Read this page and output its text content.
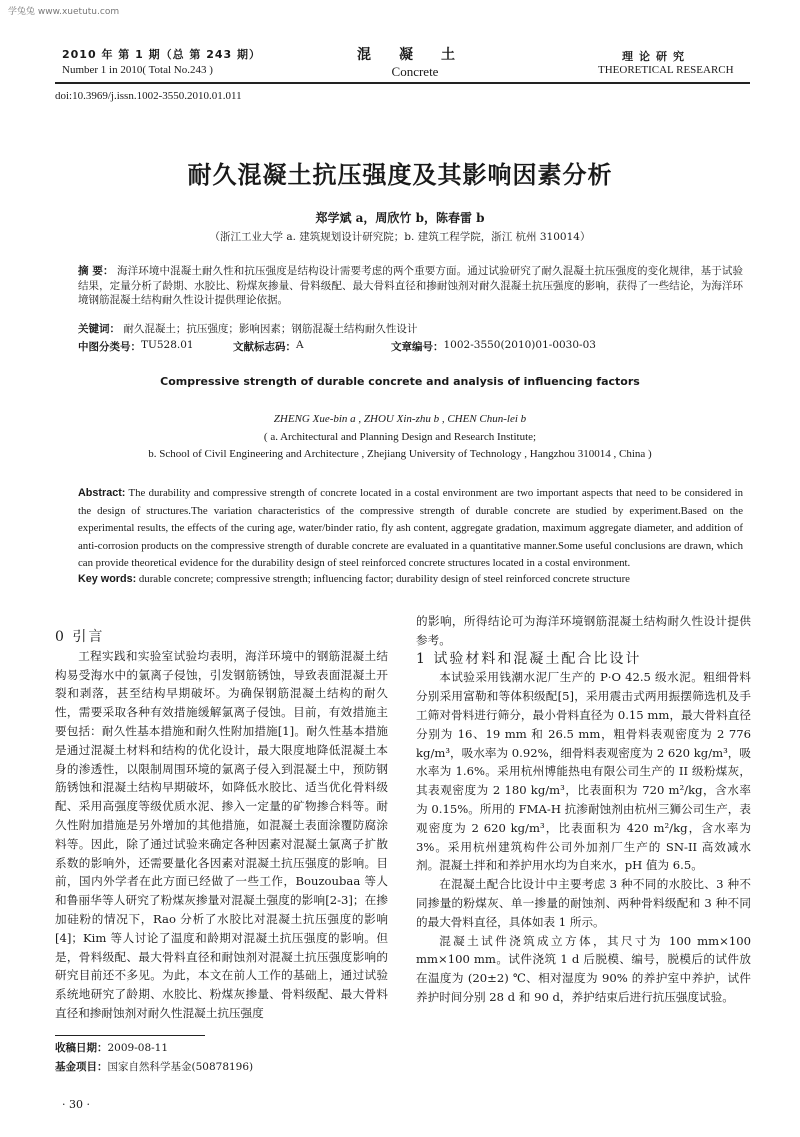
学兔兔 www.xuetutu.com
2010 年 第 1 期（总 第 243 期）
Number 1 in 2010( Total No.243 )
混凝土
Concrete
理论研究
THEORETICAL RESEARCH
doi:10.3969/j.issn.1002-3550.2010.01.011
耐久混凝土抗压强度及其影响因素分析
郑学斌 a，周欣竹 b，陈春雷 b
（浙江工业大学 a. 建筑规划设计研究院；b. 建筑工程学院，浙江 杭州 310014）
摘 要： 海洋环境中混凝土耐久性和抗压强度是结构设计需要考虑的两个重要方面。通过试验研究了耐久混凝土抗压强度的变化规律，基于试验结果，定量分析了龄期、水胶比、粉煤灰掺量、骨料级配、最大骨料直径和掺耐蚀剂对耐久混凝土抗压强度的影响，获得了一些结论，为海洋环境钢筋混凝土结构耐久性设计提供理论依据。
关键词： 耐久混凝土；抗压强度；影响因素；钢筋混凝土结构耐久性设计
中图分类号： TU528.01	文献标志码： A	文章编号： 1002-3550(2010)01-0030-03
Compressive strength of durable concrete and analysis of influencing factors
ZHENG Xue-bin a , ZHOU Xin-zhu b , CHEN Chun-lei b
( a. Architectural and Planning Design and Research Institute;
b. School of Civil Engineering and Architecture , Zhejiang University of Technology , Hangzhou 310014 , China )
Abstract: The durability and compressive strength of concrete located in a costal environment are two important aspects that need to be considered in the design of structures.The variation characteristics of the compressive strength of durable concrete are studied by experiment.Based on the experimental results, the effects of the curing age, water/binder ratio, fly ash content, aggregate gradation, maximum aggregate diameter, and addition of anti-corrosion products on the compressive strength of durable concrete are evaluated in a quantitative manner.Some useful conclusions are drawn, which can provide theoretical evidence for the durability design of steel reinforced concrete structures located in a costal environment.
Key words: durable concrete; compressive strength; influencing factor; durability design of steel reinforced concrete structure

0 引言

工程实践和实验室试验均表明，海洋环境中的钢筋混凝土结构易受海水中的氯离子侵蚀，引发钢筋锈蚀，导致表面混凝土开裂和剥落，甚至结构早期破坏。为确保钢筋混凝土结构的耐久性，需要采取各种有效措施缓解氯离子侵蚀。目前，有效措施主要包括：耐久性基本措施和耐久性附加措施[1]。耐久性基本措施是通过混凝土材料和结构的优化设计，最大限度地降低混凝土本身的渗透性，以限制周围环境的氯离子侵入到混凝土中，预防钢筋锈蚀和混凝土结构早期破坏，如降低水胶比、适当优化骨料级配、采用高强度等级优质水泥、掺入一定量的矿物掺合料等。耐久性附加措施是另外增加的其他措施，如混凝土表面涂覆防腐涂料等。因此，除了通过试验来确定各种因素对混凝土氯离子扩散系数的影响外，还需要量化各因素对混凝土抗压强度的影响。目前，国内外学者在此方面已经做了一些工作，Bouzoubaa 等人和鲁丽华等人研究了粉煤灰掺量对混凝土强度的影响[2-3]；在掺加硅粉的情况下，Rao 分析了水胶比对混凝土抗压强度的影响[4]；Kim 等人讨论了温度和龄期对混凝土抗压强度的影响。但是，骨料级配、最大骨料直径和耐蚀剂对混凝土抗压强度影响的研究目前还不多见。为此，本文在前人工作的基础上，通过试验系统地研究了龄期、水胶比、粉煤灰掺量、骨料级配、最大骨料直径和掺耐蚀剂对耐久性混凝土抗压强度

的影响，所得结论可为海洋环境钢筋混凝土结构耐久性设计提供参考。

1 试验材料和混凝土配合比设计

本试验采用钱潮水泥厂生产的 P·O 42.5 级水泥。粗细骨料分别采用富勒和等体积级配[5]，采用震击式两用振摆筛选机及手工筛对骨料进行筛分，最小骨料直径为 0.15 mm，最大骨料直径分别为 16、19 mm 和 26.5 mm，粗骨料表观密度为 2 776 kg/m³，吸水率为 0.92%，细骨料表观密度为 2 620 kg/m³，吸水率为 1.6%。采用杭州博能热电有限公司生产的 II 级粉煤灰，其表观密度为 2 180 kg/m³，比表面积为 720 m²/kg，含水率为 0.15%。所用的 FMA-H 抗渗耐蚀剂由杭州三狮公司生产，表观密度为 2 620 kg/m³，比表面积为 420 m²/kg，含水率为 3%。采用杭州建筑构件公司外加剂厂生产的 SN-II 高效减水剂。混凝土拌和和养护用水均为自来水，pH 值为 6.5。

在混凝土配合比设计中主要考虑 3 种不同的水胶比、3 种不同掺量的粉煤灰、单一掺量的耐蚀剂、两种骨料级配和 3 种不同的最大骨料直径，具体如表 1 所示。

混凝土试件浇筑成立方体，其尺寸为 100 mm×100 mm×100 mm。试件浇筑 1 d 后脱模、编号，脱模后的试件放在温度为 (20±2) ℃、相对湿度为 90% 的养护室中养护，试件养护时间分别 28 d 和 90 d，养护结束后进行抗压强度试验。

收稿日期：2009-08-11
基金项目：国家自然科学基金(50878196)
· 30 ·
